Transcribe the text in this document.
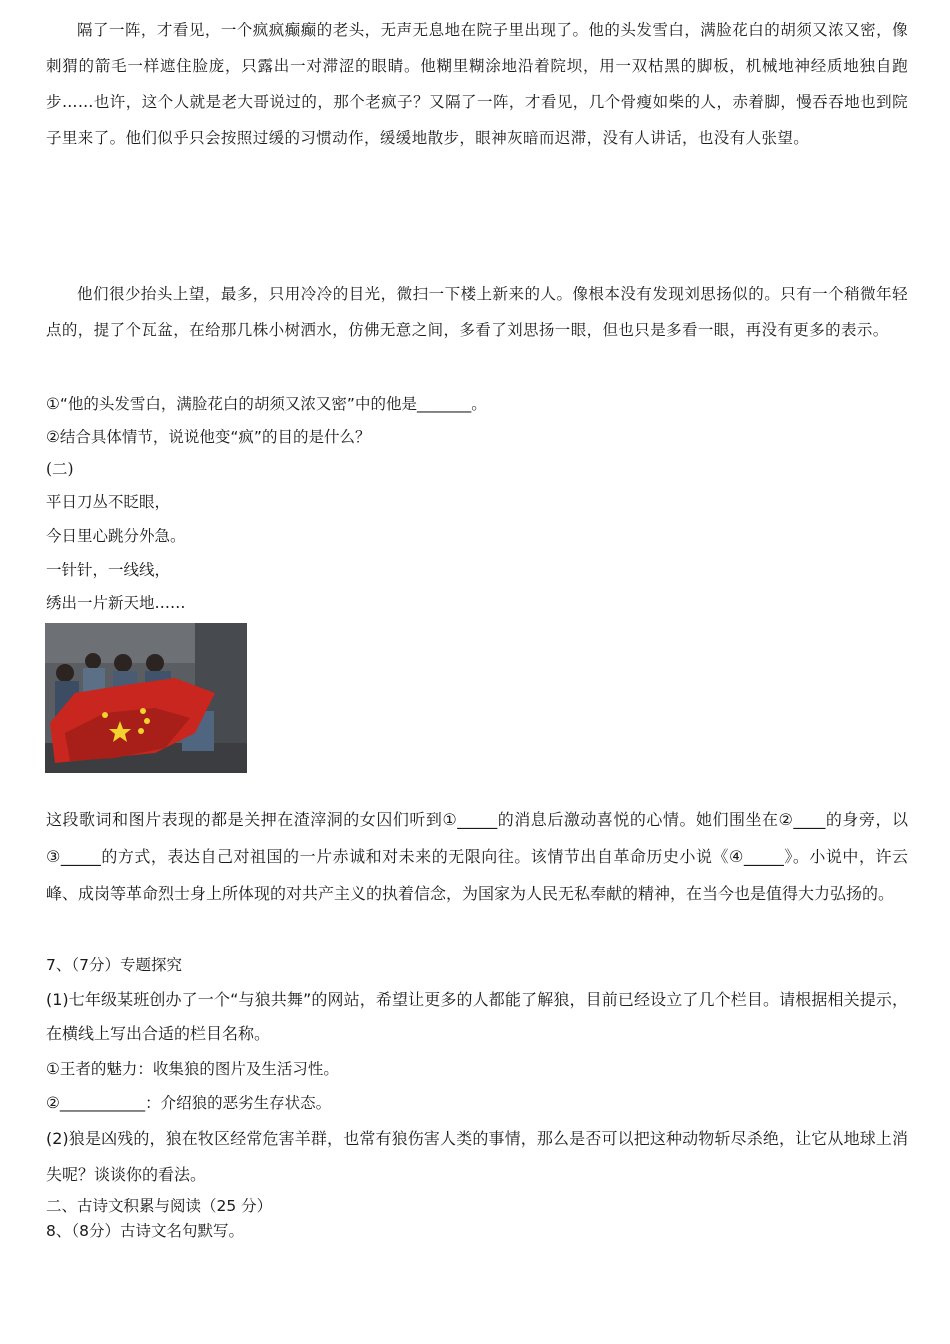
隔了一阵，才看见，一个疯疯癫癫的老头，无声无息地在院子里出现了。他的头发雪白，满脸花白的胡须又浓又密，像刺猬的箭毛一样遮住脸庞，只露出一对滞涩的眼睛。他糊里糊涂地沿着院坝，用一双枯黑的脚板，机械地神经质地独自跑步……也许，这个人就是老大哥说过的，那个老疯子？又隔了一阵，才看见，几个骨瘦如柴的人，赤着脚，慢吞吞地也到院子里来了。他们似乎只会按照过缓的习惯动作，缓缓地散步，眼神灰暗而迟滞，没有人讲话，也没有人张望。
他们很少抬头上望，最多，只用冷冷的目光，微扫一下楼上新来的人。像根本没有发现刘思扬似的。只有一个稍微年轻点的，提了个瓦盆，在给那几株小树洒水，仿佛无意之间，多看了刘思扬一眼，但也只是多看一眼，再没有更多的表示。
①“他的头发雪白，满脸花白的胡须又浓又密”中的他是_______。
②结合具体情节，说说他变“疯”的目的是什么？
(二)
平日刀丛不眨眼，
今日里心跳分外急。
一针针，一线线，
绣出一片新天地……
这段歌词和图片表现的都是关押在渣滓洞的女囚们听到①_____的消息后激动喜悦的心情。她们围坐在②____的身旁，以③_____的方式，表达自己对祖国的一片赤诚和对未来的无限向往。该情节出自革命历史小说《④_____》。小说中，许云峰、成岗等革命烈士身上所体现的对共产主义的执着信念，为国家为人民无私奉献的精神，在当今也是值得大力弘扬的。
7、（7分）专题探究
(1)七年级某班创办了一个“与狼共舞”的网站，希望让更多的人都能了解狼，目前已经设立了几个栏目。请根据相关提示，在横线上写出合适的栏目名称。
①王者的魅力：收集狼的图片及生活习性。
②___________：介绍狼的恶劣生存状态。
(2)狼是凶残的，狼在牧区经常危害羊群，也常有狼伤害人类的事情，那么是否可以把这种动物斩尽杀绝，让它从地球上消失呢？谈谈你的看法。
二、古诗文积累与阅读（25 分）
8、（8分）古诗文名句默写。
